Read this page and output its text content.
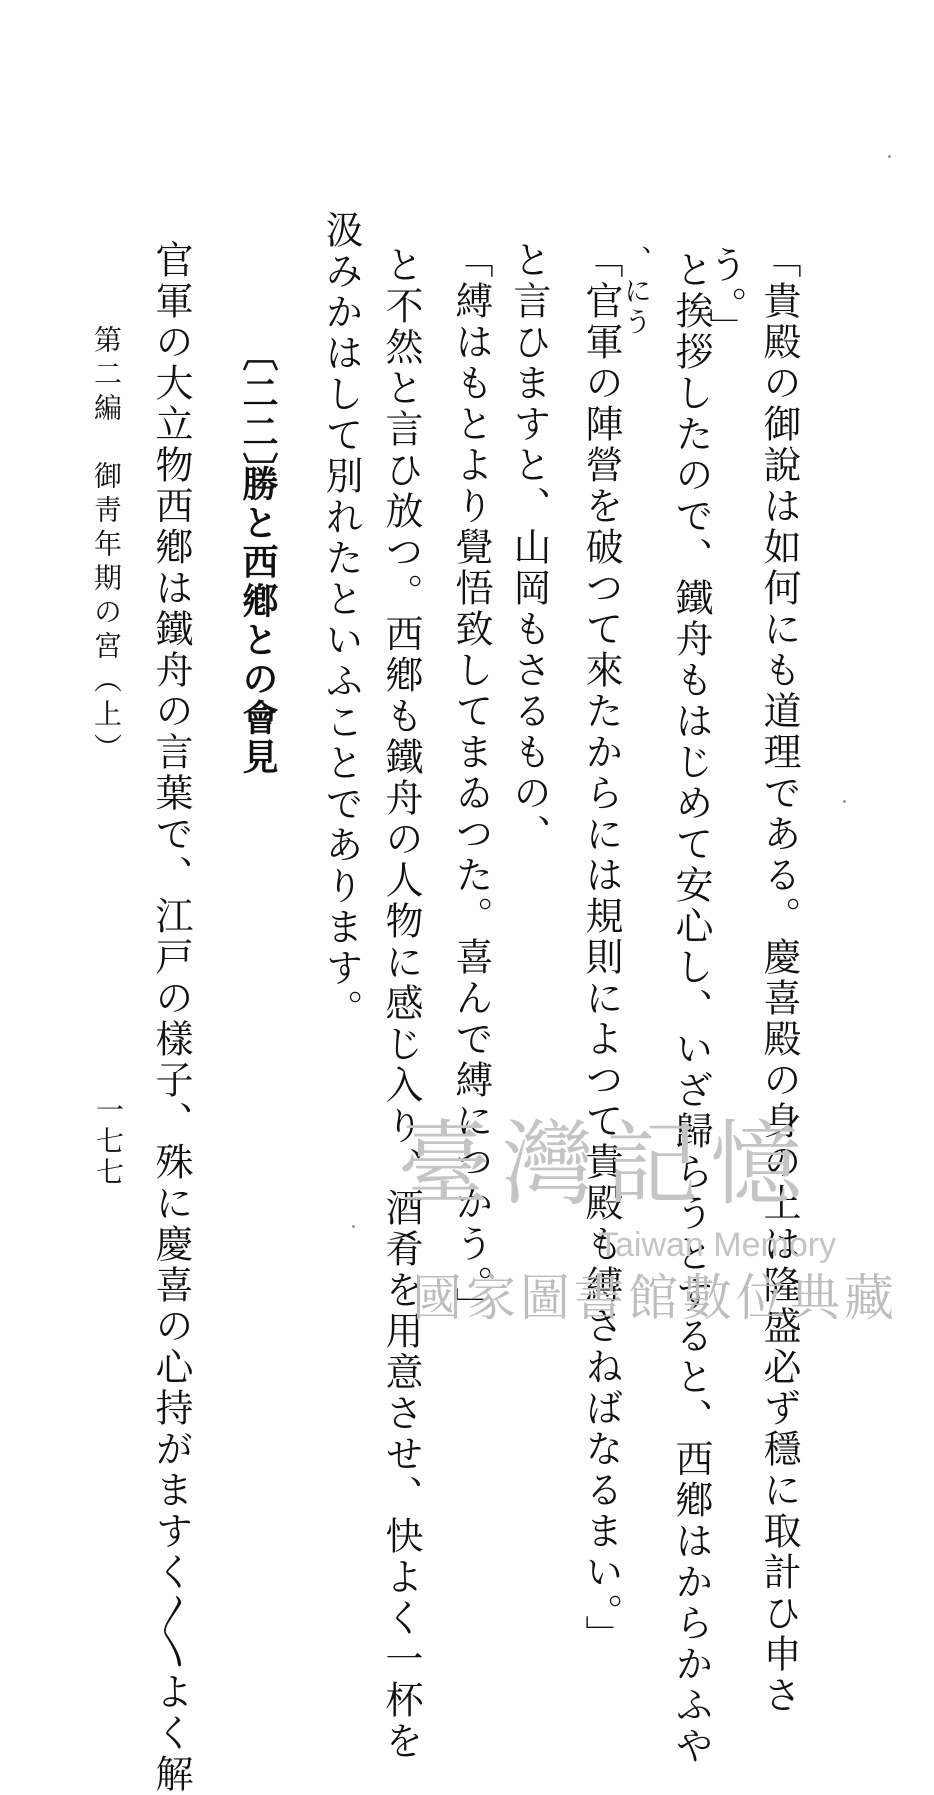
「貴殿の御說は如何にも道理である。慶喜殿の身の上は隆盛必ず穩に取計ひ申さ
う。」
、にう と挨拶したので、鐵舟もはじめて安心し、いざ歸らうとすると、西鄕はからかふや
「官軍の陣營を破つて來たからには規則によつて貴殿も縛さねばなるまい。」
と言ひますと、山岡もさるもの、
「縛はもとより覺悟致してまゐつた。喜んで縛につかう。」
と不然と言ひ放つ。西鄕も鐵舟の人物に感じ入り、酒肴を用意させ、快よく一杯を
汲みかはして別れたといふことであります。
〔二二〕
勝と西鄕との會見
官軍の大立物西鄕は鐵舟の言葉で、江戸の樣子、殊に慶喜の心持がますく〱よく解
第二編　御靑年期の宮（上）
一七七	臺灣記憶
Taiwan Memory
國家圖書館數位典藏
